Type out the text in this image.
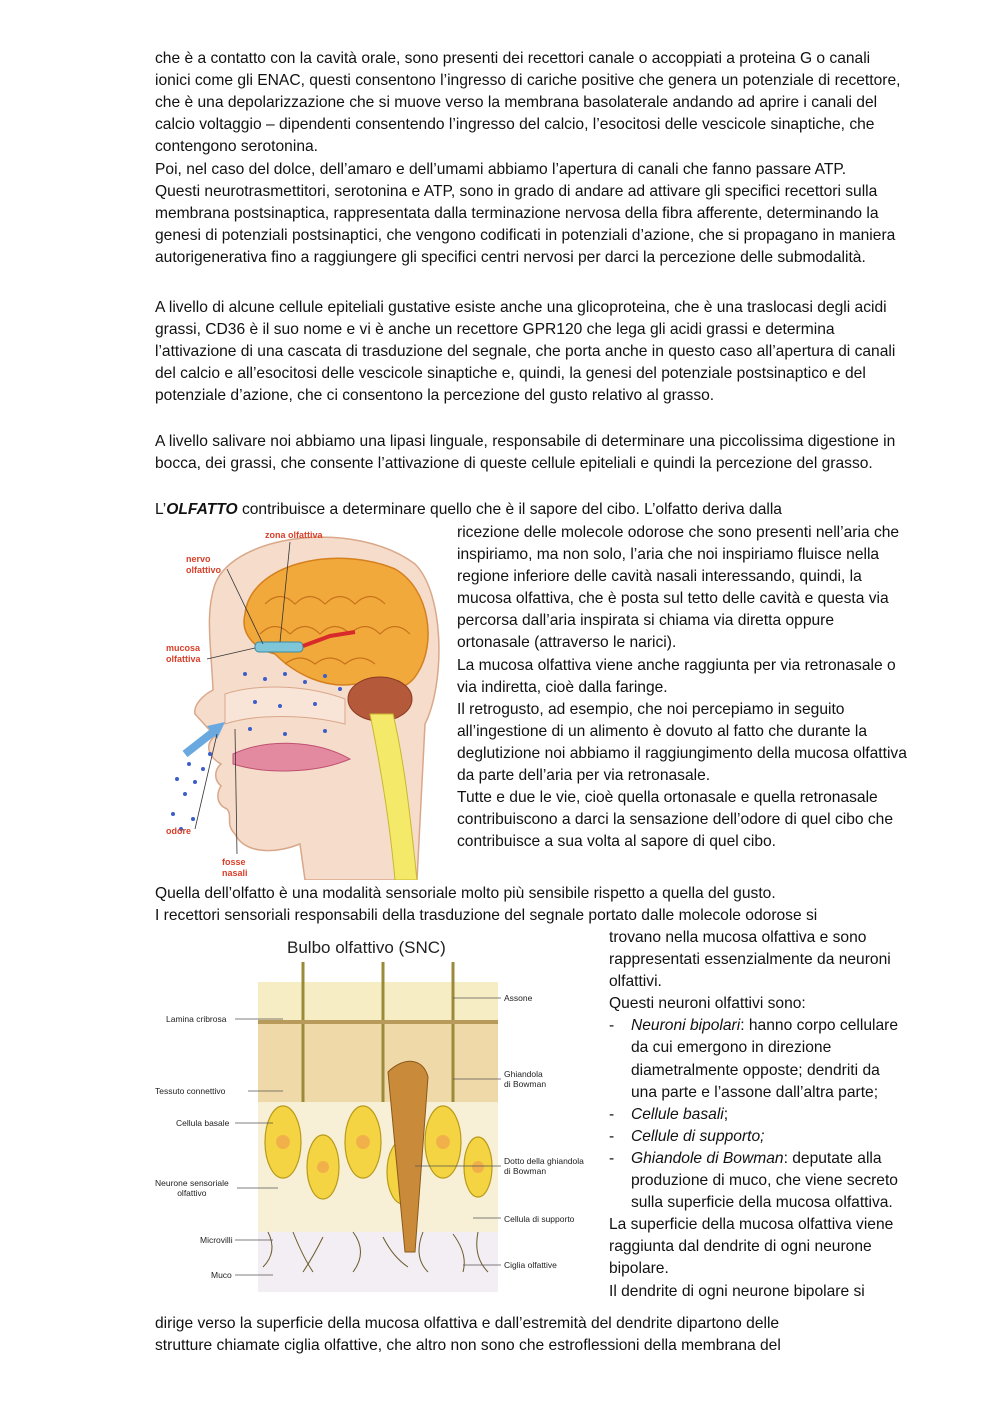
che è a contatto con la cavità orale, sono presenti dei recettori canale o accoppiati a proteina G o canali ionici come gli ENAC, questi consentono l’ingresso di cariche positive che genera un potenziale di recettore, che è una depolarizzazione che si muove verso la membrana basolaterale andando ad aprire i canali del calcio voltaggio – dipendenti consentendo l’ingresso del calcio, l’esocitosi delle vescicole sinaptiche, che contengono serotonina.

Poi, nel caso del dolce, dell’amaro e dell’umami abbiamo l’apertura di canali che fanno passare ATP.

Questi neurotrasmettitori, serotonina e ATP, sono in grado di andare ad attivare gli specifici recettori sulla membrana postsinaptica, rappresentata dalla terminazione nervosa della fibra afferente, determinando la genesi di potenziali postsinaptici, che vengono codificati in potenziali d’azione, che si propagano in maniera autorigenerativa fino a raggiungere gli specifici centri nervosi per darci la percezione delle submodalità.

A livello di alcune cellule epiteliali gustative esiste anche una glicoproteina, che è una traslocasi degli acidi grassi, CD36 è il suo nome e vi è anche un recettore GPR120 che lega gli acidi grassi e determina l’attivazione di una cascata di trasduzione del segnale, che porta anche in questo caso all’apertura di canali del calcio e all’esocitosi delle vescicole sinaptiche e, quindi, la genesi del potenziale postsinaptico e del potenziale d’azione, che ci consentono la percezione del gusto relativo al grasso.

A livello salivare noi abbiamo una lipasi linguale, responsabile di determinare una piccolissima digestione in bocca, dei grassi, che consente l’attivazione di queste cellule epiteliali e quindi la percezione del grasso.

L’OLFATTO contribuisce a determinare quello che è il sapore del cibo. L’olfatto deriva dalla

zona olfattiva
nervo
olfattivo
mucosa
olfattiva
odore
fosse
nasali

ricezione delle molecole odorose che sono presenti nell’aria che inspiriamo, ma non solo, l’aria che noi inspiriamo fluisce nella regione inferiore delle cavità nasali interessando, quindi, la mucosa olfattiva, che è posta sul tetto delle cavità e questa via percorsa dall’aria inspirata si chiama via diretta oppure ortonasale (attraverso le narici).

La mucosa olfattiva viene anche raggiunta per via retronasale o via indiretta, cioè dalla faringe.

Il retrogusto, ad esempio, che noi percepiamo in seguito all’ingestione di un alimento è dovuto al fatto che durante la deglutizione noi abbiamo il raggiungimento della mucosa olfattiva da parte dell’aria per via retronasale.

Tutte e due le vie, cioè quella ortonasale e quella retronasale contribuiscono a darci la sensazione dell’odore di quel cibo che contribuisce a sua volta al sapore di quel cibo.

Quella dell’olfatto è una modalità sensoriale molto più sensibile rispetto a quella del gusto.

I recettori sensoriali responsabili della trasduzione del segnale portato dalle molecole odorose si

Bulbo olfattivo (SNC)
Lamina cribrosa
Tessuto connettivo
Cellula basale
Neurone sensoriale
olfattivo
Microvilli
Muco
Assone
Ghiandola
di Bowman
Dotto della ghiandola
di Bowman
Cellula di supporto
Ciglia olfattive

trovano nella mucosa olfattiva e sono rappresentati essenzialmente da neuroni olfattivi.

Questi neuroni olfattivi sono:

- Neuroni bipolari: hanno corpo cellulare da cui emergono in direzione diametralmente opposte; dendriti da una parte e l’assone dall’altra parte;
- Cellule basali;
- Cellule di supporto;
- Ghiandole di Bowman: deputate alla produzione di muco, che viene secreto sulla superficie della mucosa olfattiva.

La superficie della mucosa olfattiva viene raggiunta dal dendrite di ogni neurone bipolare.

Il dendrite di ogni neurone bipolare si

dirige verso la superficie della mucosa olfattiva e dall’estremità del dendrite dipartono delle

strutture chiamate ciglia olfattive, che altro non sono che estroflessioni della membrana del
